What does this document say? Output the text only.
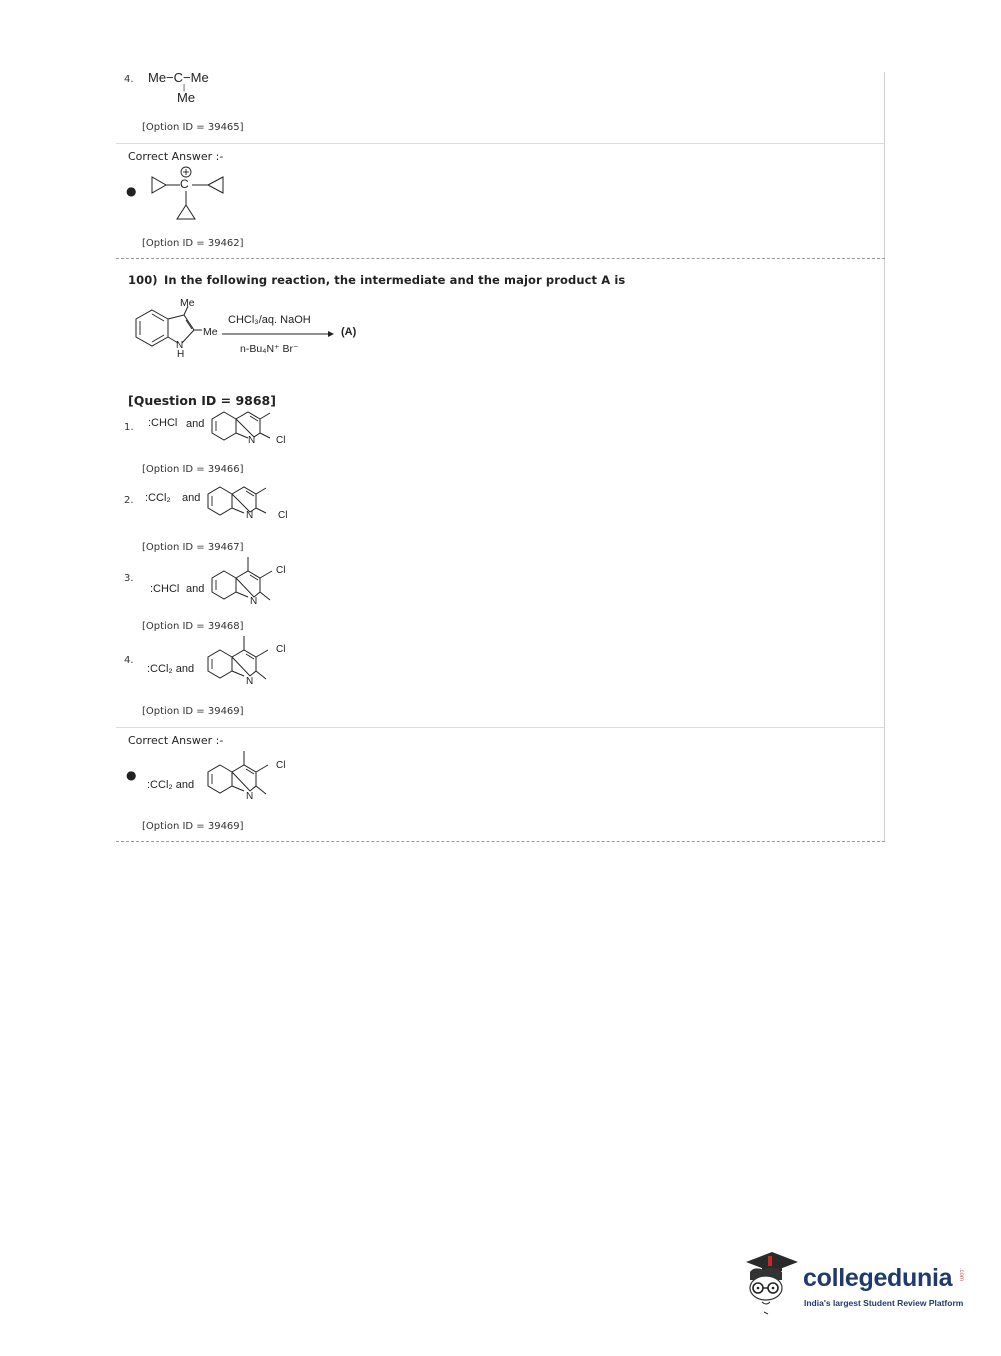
4. Me−C−Me
|
Me
[Option ID = 39465]
Correct Answer :-
●	C
[Option ID = 39462]
100) In the following reaction, the intermediate and the major product A is
Me
Me
N
H
CHCl₃/aq. NaOH
n-Bu₄N⁺ Br⁻
(A)
[Question ID = 9868]
1. :CHCl and
N Cl
[Option ID = 39466]
2. :CCl₂ and
N Cl
[Option ID = 39467]
3.
:CHCl and
N
Cl
[Option ID = 39468]
4.
:CCl₂ and
N
Cl
[Option ID = 39469]
Correct Answer :-
●
:CCl₂ and
N
Cl
[Option ID = 39469]
collegedunia .com
India's largest Student Review Platform
